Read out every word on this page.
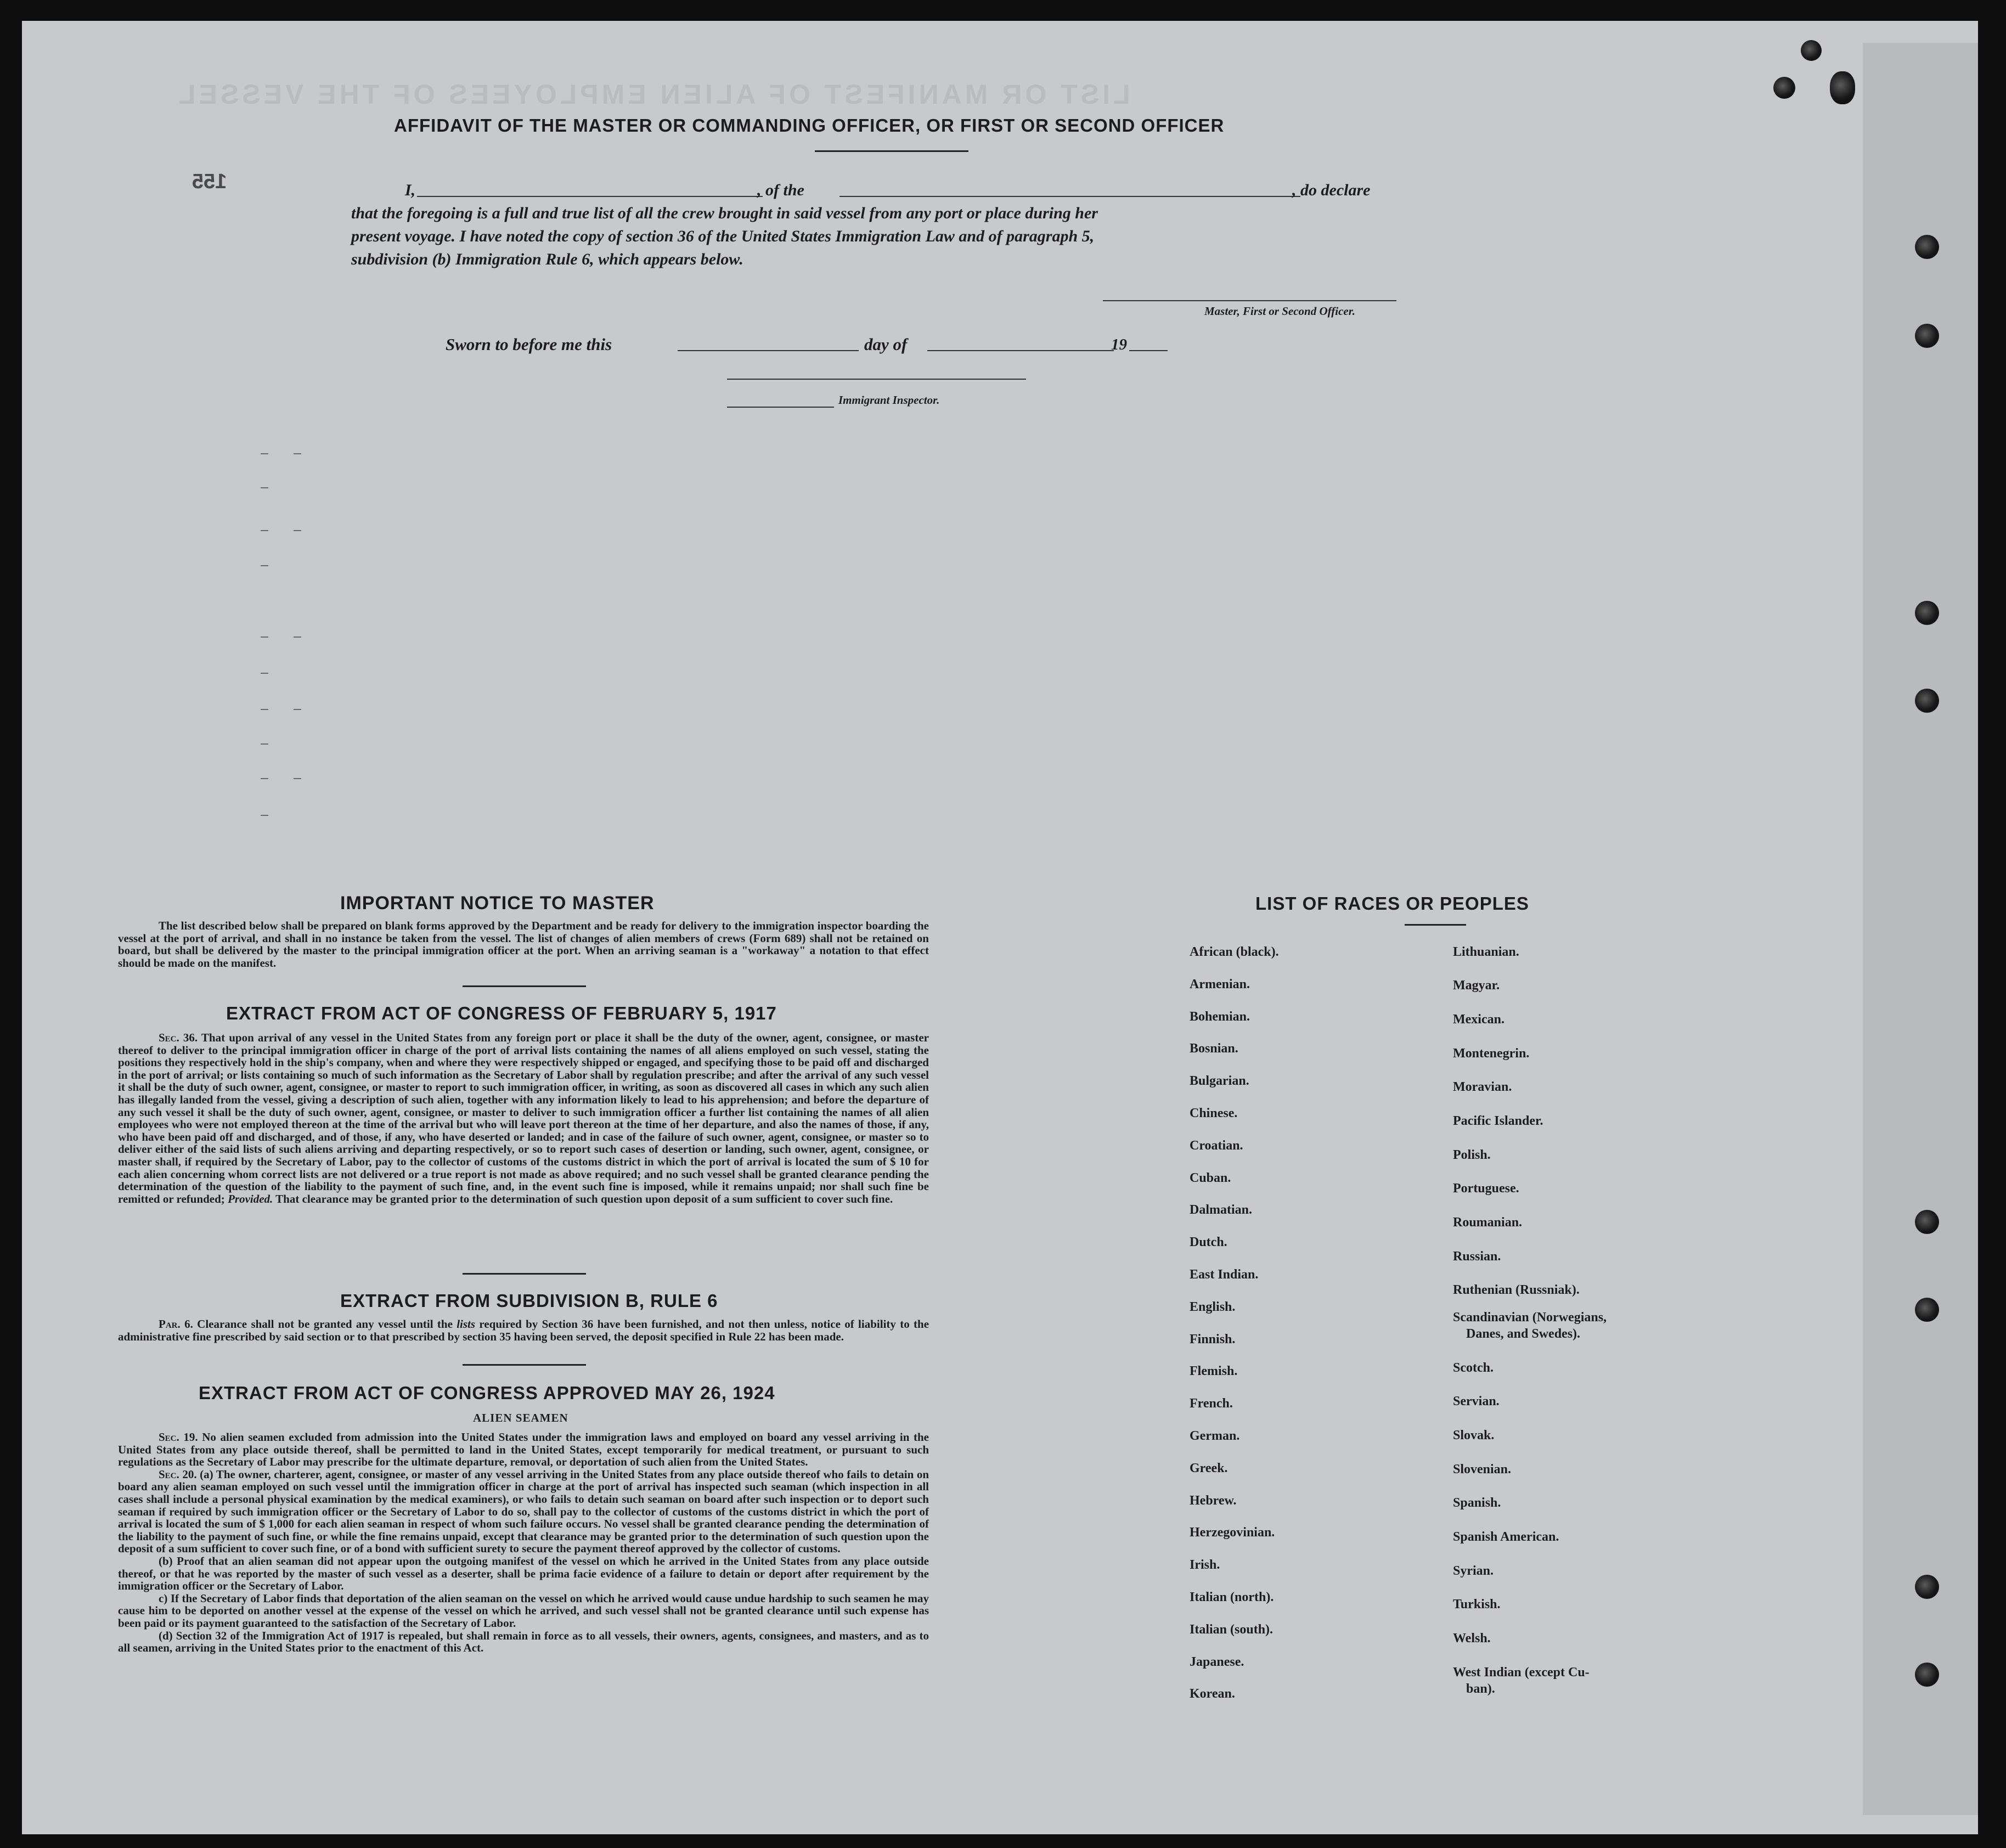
LIST OR MANIFEST OF ALIEN EMPLOYEES OF THE VESSEL
AFFIDAVIT OF THE MASTER OR COMMANDING OFFICER, OR FIRST OR SECOND OFFICER
155	I,	, of the	, do declare
that the foregoing is a full and true list of all the crew brought in said vessel from any port or place during her
present voyage. I have noted the copy of section 36 of the United States Immigration Law and of paragraph 5,
subdivision (b) Immigration Rule 6, which appears below.
Master, First or Second Officer.
Sworn to before me this	day of	19
Immigrant Inspector.
IMPORTANT NOTICE TO MASTER
The list described below shall be prepared on blank forms approved by the Department and be ready for delivery to the immigration inspector boarding the vessel at the port of arrival, and shall in no instance be taken from the vessel. The list of changes of alien members of crews (Form 689) shall not be retained on board, but shall be delivered by the master to the principal immigration officer at the port. When an arriving seaman is a "workaway" a notation to that effect should be made on the manifest.
EXTRACT FROM ACT OF CONGRESS OF FEBRUARY 5, 1917
Sec. 36. That upon arrival of any vessel in the United States from any foreign port or place it shall be the duty of the owner, agent, consignee, or master thereof to deliver to the principal immigration officer in charge of the port of arrival lists containing the names of all aliens employed on such vessel, stating the positions they respectively hold in the ship's company, when and where they were respectively shipped or engaged, and specifying those to be paid off and discharged in the port of arrival; or lists containing so much of such information as the Secretary of Labor shall by regulation prescribe; and after the arrival of any such vessel it shall be the duty of such owner, agent, consignee, or master to report to such immigration officer, in writing, as soon as discovered all cases in which any such alien has illegally landed from the vessel, giving a description of such alien, together with any information likely to lead to his apprehension; and before the departure of any such vessel it shall be the duty of such owner, agent, consignee, or master to deliver to such immigration officer a further list containing the names of all alien employees who were not employed thereon at the time of the arrival but who will leave port thereon at the time of her departure, and also the names of those, if any, who have been paid off and discharged, and of those, if any, who have deserted or landed; and in case of the failure of such owner, agent, consignee, or master so to deliver either of the said lists of such aliens arriving and departing respectively, or so to report such cases of desertion or landing, such owner, agent, consignee, or master shall, if required by the Secretary of Labor, pay to the collector of customs of the customs district in which the port of arrival is located the sum of $ 10 for each alien concerning whom correct lists are not delivered or a true report is not made as above required; and no such vessel shall be granted clearance pending the determination of the question of the liability to the payment of such fine, and, in the event such fine is imposed, while it remains unpaid; nor shall such fine be remitted or refunded; Provided. That clearance may be granted prior to the determination of such question upon deposit of a sum sufficient to cover such fine.
EXTRACT FROM SUBDIVISION B, RULE 6
Par. 6. Clearance shall not be granted any vessel until the lists required by Section 36 have been furnished, and not then unless, notice of liability to the administrative fine prescribed by said section or to that prescribed by section 35 having been served, the deposit specified in Rule 22 has been made.
EXTRACT FROM ACT OF CONGRESS APPROVED MAY 26, 1924
ALIEN SEAMEN
Sec. 19. No alien seamen excluded from admission into the United States under the immigration laws and employed on board any vessel arriving in the United States from any place outside thereof, shall be permitted to land in the United States, except temporarily for medical treatment, or pursuant to such regulations as the Secretary of Labor may prescribe for the ultimate departure, removal, or deportation of such alien from the United States.
Sec. 20. (a) The owner, charterer, agent, consignee, or master of any vessel arriving in the United States from any place outside thereof who fails to detain on board any alien seaman employed on such vessel until the immigration officer in charge at the port of arrival has inspected such seaman (which inspection in all cases shall include a personal physical examination by the medical examiners), or who fails to detain such seaman on board after such inspection or to deport such seaman if required by such immigration officer or the Secretary of Labor to do so, shall pay to the collector of customs of the customs district in which the port of arrival is located the sum of $ 1,000 for each alien seaman in respect of whom such failure occurs. No vessel shall be granted clearance pending the determination of the liability to the payment of such fine, or while the fine remains unpaid, except that clearance may be granted prior to the determination of such question upon the deposit of a sum sufficient to cover such fine, or of a bond with sufficient surety to secure the payment thereof approved by the collector of customs.
(b) Proof that an alien seaman did not appear upon the outgoing manifest of the vessel on which he arrived in the United States from any place outside thereof, or that he was reported by the master of such vessel as a deserter, shall be prima facie evidence of a failure to detain or deport after requirement by the immigration officer or the Secretary of Labor.
c) If the Secretary of Labor finds that deportation of the alien seaman on the vessel on which he arrived would cause undue hardship to such seamen he may cause him to be deported on another vessel at the expense of the vessel on which he arrived, and such vessel shall not be granted clearance until such expense has been paid or its payment guaranteed to the satisfaction of the Secretary of Labor.
(d) Section 32 of the Immigration Act of 1917 is repealed, but shall remain in force as to all vessels, their owners, agents, consignees, and masters, and as to all seamen, arriving in the United States prior to the enactment of this Act.
LIST OF RACES OR PEOPLES
African (black).
Armenian.
Bohemian.
Bosnian.
Bulgarian.
Chinese.
Croatian.
Cuban.
Dalmatian.
Dutch.
East Indian.
English.
Finnish.
Flemish.
French.
German.
Greek.
Hebrew.
Herzegovinian.
Irish.
Italian (north).
Italian (south).
Japanese.
Korean.
Lithuanian.
Magyar.
Mexican.
Montenegrin.
Moravian.
Pacific Islander.
Polish.
Portuguese.
Roumanian.
Russian.
Ruthenian (Russniak).
Scandinavian (Norwegians,
Danes, and Swedes).
Scotch.
Servian.
Slovak.
Slovenian.
Spanish.
Spanish American.
Syrian.
Turkish.
Welsh.
West Indian (except Cu-
ban).
